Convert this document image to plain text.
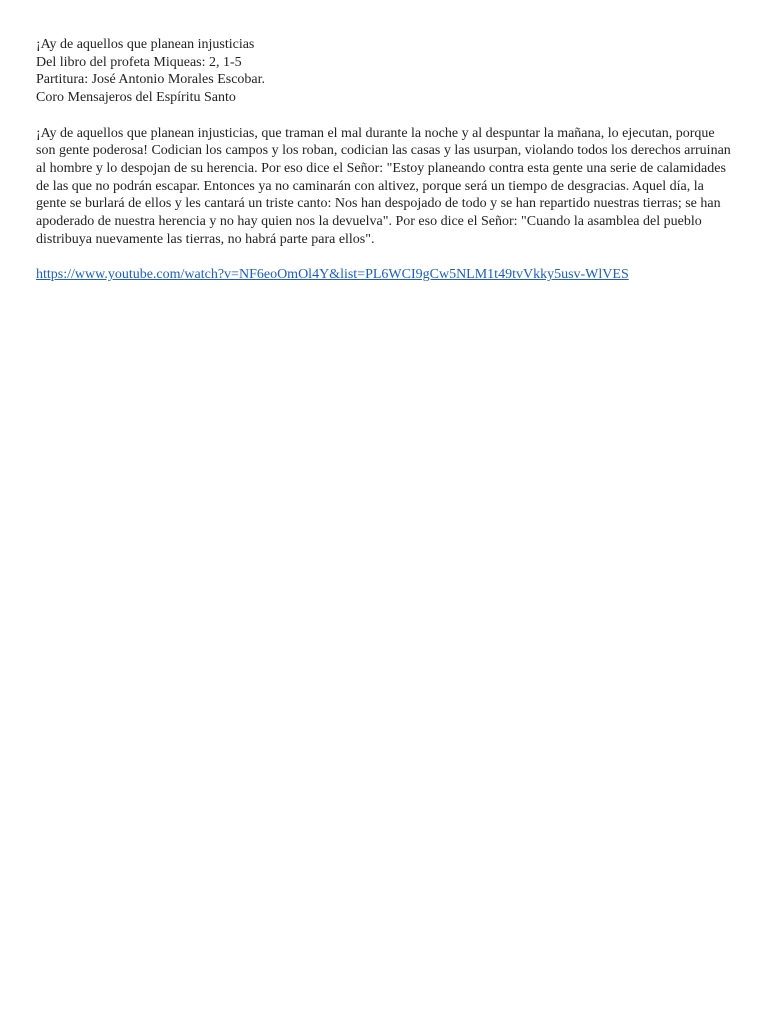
¡Ay de aquellos que planean injusticias
Del libro del profeta Miqueas: 2, 1-5
Partitura: José Antonio Morales Escobar.
Coro Mensajeros del Espíritu Santo

¡Ay de aquellos que planean injusticias, que traman el mal durante la noche y al despuntar la mañana, lo ejecutan, porque son gente poderosa! Codician los campos y los roban, codician las casas y las usurpan, violando todos los derechos arruinan al hombre y lo despojan de su herencia. Por eso dice el Señor: "Estoy planeando contra esta gente una serie de calamidades de las que no podrán escapar. Entonces ya no caminarán con altivez, porque será un tiempo de desgracias. Aquel día, la gente se burlará de ellos y les cantará un triste canto: Nos han despojado de todo y se han repartido nuestras tierras; se han apoderado de nuestra herencia y no hay quien nos la devuelva". Por eso dice el Señor: "Cuando la asamblea del pueblo distribuya nuevamente las tierras, no habrá parte para ellos".

https://www.youtube.com/watch?v=NF6eoOmOl4Y&list=PL6WCI9gCw5NLM1t49tvVkky5usv-WlVES
